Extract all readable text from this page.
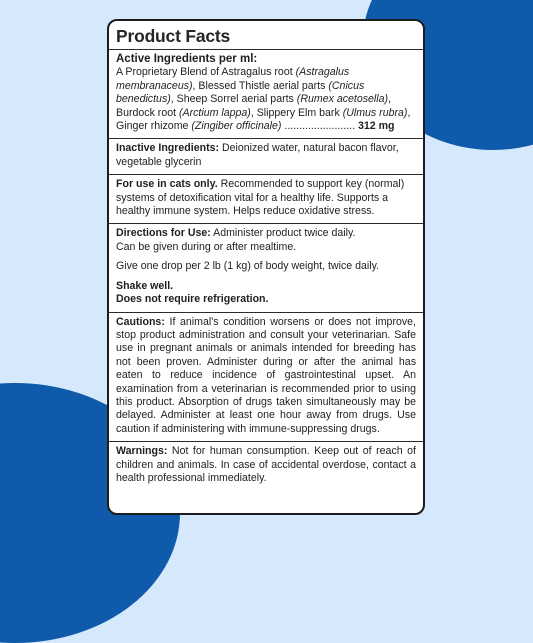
Product Facts
Active Ingredients per ml:
A Proprietary Blend of Astragalus root (Astragalus membranaceus), Blessed Thistle aerial parts (Cnicus benedictus), Sheep Sorrel aerial parts (Rumex acetosella), Burdock root (Arctium lappa), Slippery Elm bark (Ulmus rubra), Ginger rhizome (Zingiber officinale) ........................ 312 mg
Inactive Ingredients: Deionized water, natural bacon flavor, vegetable glycerin
For use in cats only. Recommended to support key (normal) systems of detoxification vital for a healthy life. Supports a healthy immune system. Helps reduce oxidative stress.

Directions for Use: Administer product twice daily.

Can be given during or after mealtime.

Give one drop per 2 lb (1 kg) of body weight, twice daily.

Shake well.

Does not require refrigeration.

Cautions: If animal's condition worsens or does not improve, stop product administration and consult your veterinarian. Safe use in pregnant animals or animals intended for breeding has not been proven. Administer during or after the animal has eaten to reduce incidence of gastrointestinal upset. An examination from a veterinarian is recommended prior to using this product. Absorption of drugs taken simultaneously may be delayed. Administer at least one hour away from drugs. Use caution if administering with immune-suppressing drugs.
Warnings: Not for human consumption. Keep out of reach of children and animals. In case of accidental overdose, contact a health professional immediately.
